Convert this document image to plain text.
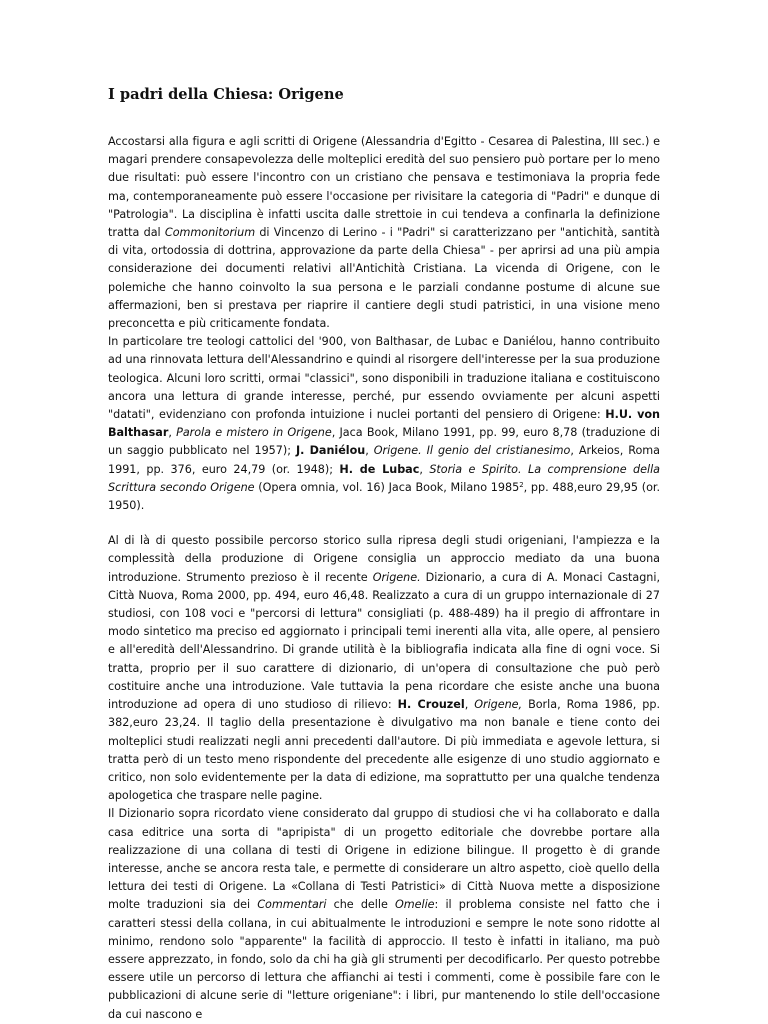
I padri della Chiesa: Origene

Accostarsi alla figura e agli scritti di Origene (Alessandria d'Egitto - Cesarea di Palestina, III sec.) e magari prendere consapevolezza delle molteplici eredità del suo pensiero può portare per lo meno due risultati: può essere l'incontro con un cristiano che pensava e testimoniava la propria fede ma, contemporaneamente può essere l'occasione per rivisitare la categoria di "Padri" e dunque di "Patrologia". La disciplina è infatti uscita dalle strettoie in cui tendeva a confinarla la definizione tratta dal Commonitorium di Vincenzo di Lerino - i "Padri" si caratterizzano per "antichità, santità di vita, ortodossia di dottrina, approvazione da parte della Chiesa" - per aprirsi ad una più ampia considerazione dei documenti relativi all'Antichità Cristiana. La vicenda di Origene, con le polemiche che hanno coinvolto la sua persona e le parziali condanne postume di alcune sue affermazioni, ben si prestava per riaprire il cantiere degli studi patristici, in una visione meno preconcetta e più criticamente fondata.

In particolare tre teologi cattolici del '900, von Balthasar, de Lubac e Daniélou, hanno contribuito ad una rinnovata lettura dell'Alessandrino e quindi al risorgere dell'interesse per la sua produzione teologica. Alcuni loro scritti, ormai "classici", sono disponibili in traduzione italiana e costituiscono ancora una lettura di grande interesse, perché, pur essendo ovviamente per alcuni aspetti "datati", evidenziano con profonda intuizione i nuclei portanti del pensiero di Origene: H.U. von Balthasar, Parola e mistero in Origene, Jaca Book, Milano 1991, pp. 99, euro 8,78 (traduzione di un saggio pubblicato nel 1957); J. Daniélou, Origene. Il genio del cristianesimo, Arkeios, Roma 1991, pp. 376, euro 24,79 (or. 1948); H. de Lubac, Storia e Spirito. La comprensione della Scrittura secondo Origene (Opera omnia, vol. 16) Jaca Book, Milano 1985$^2$, pp. 488,euro 29,95 (or. 1950).

Al di là di questo possibile percorso storico sulla ripresa degli studi origeniani, l'ampiezza e la complessità della produzione di Origene consiglia un approccio mediato da una buona introduzione. Strumento prezioso è il recente Origene. Dizionario, a cura di A. Monaci Castagni, Città Nuova, Roma 2000, pp. 494, euro 46,48. Realizzato a cura di un gruppo internazionale di 27 studiosi, con 108 voci e "percorsi di lettura" consigliati (p. 488-489) ha il pregio di affrontare in modo sintetico ma preciso ed aggiornato i principali temi inerenti alla vita, alle opere, al pensiero e all'eredità dell'Alessandrino. Di grande utilità è la bibliografia indicata alla fine di ogni voce. Si tratta, proprio per il suo carattere di dizionario, di un'opera di consultazione che può però costituire anche una introduzione. Vale tuttavia la pena ricordare che esiste anche una buona introduzione ad opera di uno studioso di rilievo: H. Crouzel, Origene, Borla, Roma 1986, pp. 382,euro 23,24. Il taglio della presentazione è divulgativo ma non banale e tiene conto dei molteplici studi realizzati negli anni precedenti dall'autore. Di più immediata e agevole lettura, si tratta però di un testo meno rispondente del precedente alle esigenze di uno studio aggiornato e critico, non solo evidentemente per la data di edizione, ma soprattutto per una qualche tendenza apologetica che traspare nelle pagine.

Il Dizionario sopra ricordato viene considerato dal gruppo di studiosi che vi ha collaborato e dalla casa editrice una sorta di "apripista" di un progetto editoriale che dovrebbe portare alla realizzazione di una collana di testi di Origene in edizione bilingue. Il progetto è di grande interesse, anche se ancora resta tale, e permette di considerare un altro aspetto, cioè quello della lettura dei testi di Origene. La «Collana di Testi Patristici» di Città Nuova mette a disposizione molte traduzioni sia dei Commentari che delle Omelie: il problema consiste nel fatto che i caratteri stessi della collana, in cui abitualmente le introduzioni e sempre le note sono ridotte al minimo, rendono solo "apparente" la facilità di approccio. Il testo è infatti in italiano, ma può essere apprezzato, in fondo, solo da chi ha già gli strumenti per decodificarlo. Per questo potrebbe essere utile un percorso di lettura che affianchi ai testi i commenti, come è possibile fare con le pubblicazioni di alcune serie di "letture origeniane": i libri, pur mantenendo lo stile dell'occasione da cui nascono e
